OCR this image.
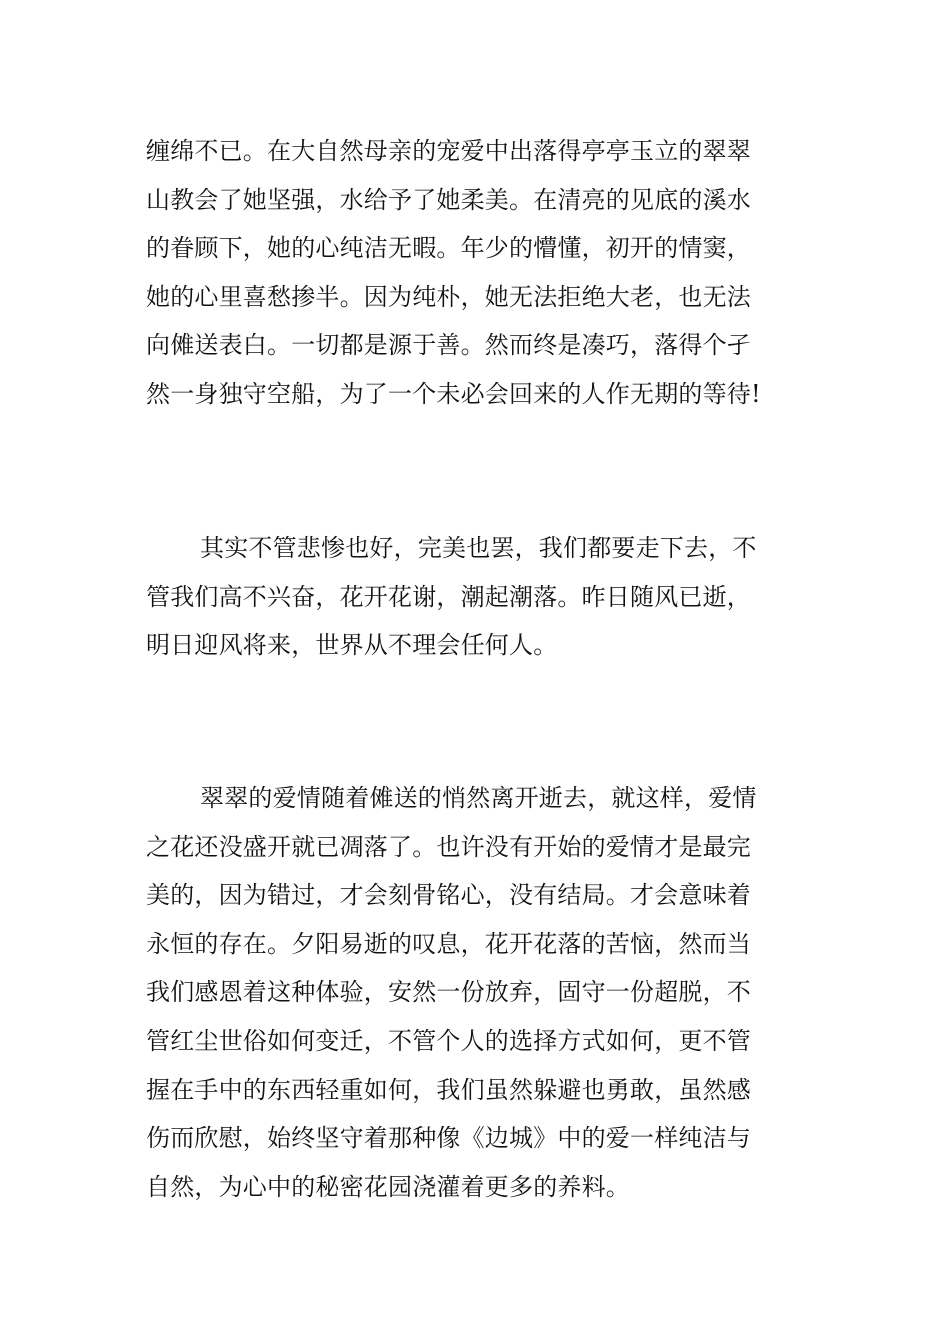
缠绵不已。在大自然母亲的宠爱中出落得亭亭玉立的翠翠
山教会了她坚强，水给予了她柔美。在清亮的见底的溪水
的眷顾下，她的心纯洁无暇。年少的懵懂，初开的情窦，
她的心里喜愁掺半。因为纯朴，她无法拒绝大老，也无法
向傩送表白。一切都是源于善。然而终是凑巧，落得个孑
然一身独守空船，为了一个未必会回来的人作无期的等待!
其实不管悲惨也好，完美也罢，我们都要走下去，不
管我们高不兴奋，花开花谢，潮起潮落。昨日随风已逝，
明日迎风将来，世界从不理会任何人。
翠翠的爱情随着傩送的悄然离开逝去，就这样，爱情
之花还没盛开就已凋落了。也许没有开始的爱情才是最完
美的，因为错过，才会刻骨铭心，没有结局。才会意味着
永恒的存在。夕阳易逝的叹息，花开花落的苦恼，然而当
我们感恩着这种体验，安然一份放弃，固守一份超脱，不
管红尘世俗如何变迁，不管个人的选择方式如何，更不管
握在手中的东西轻重如何，我们虽然躲避也勇敢，虽然感
伤而欣慰，始终坚守着那种像《边城》中的爱一样纯洁与
自然，为心中的秘密花园浇灌着更多的养料。
